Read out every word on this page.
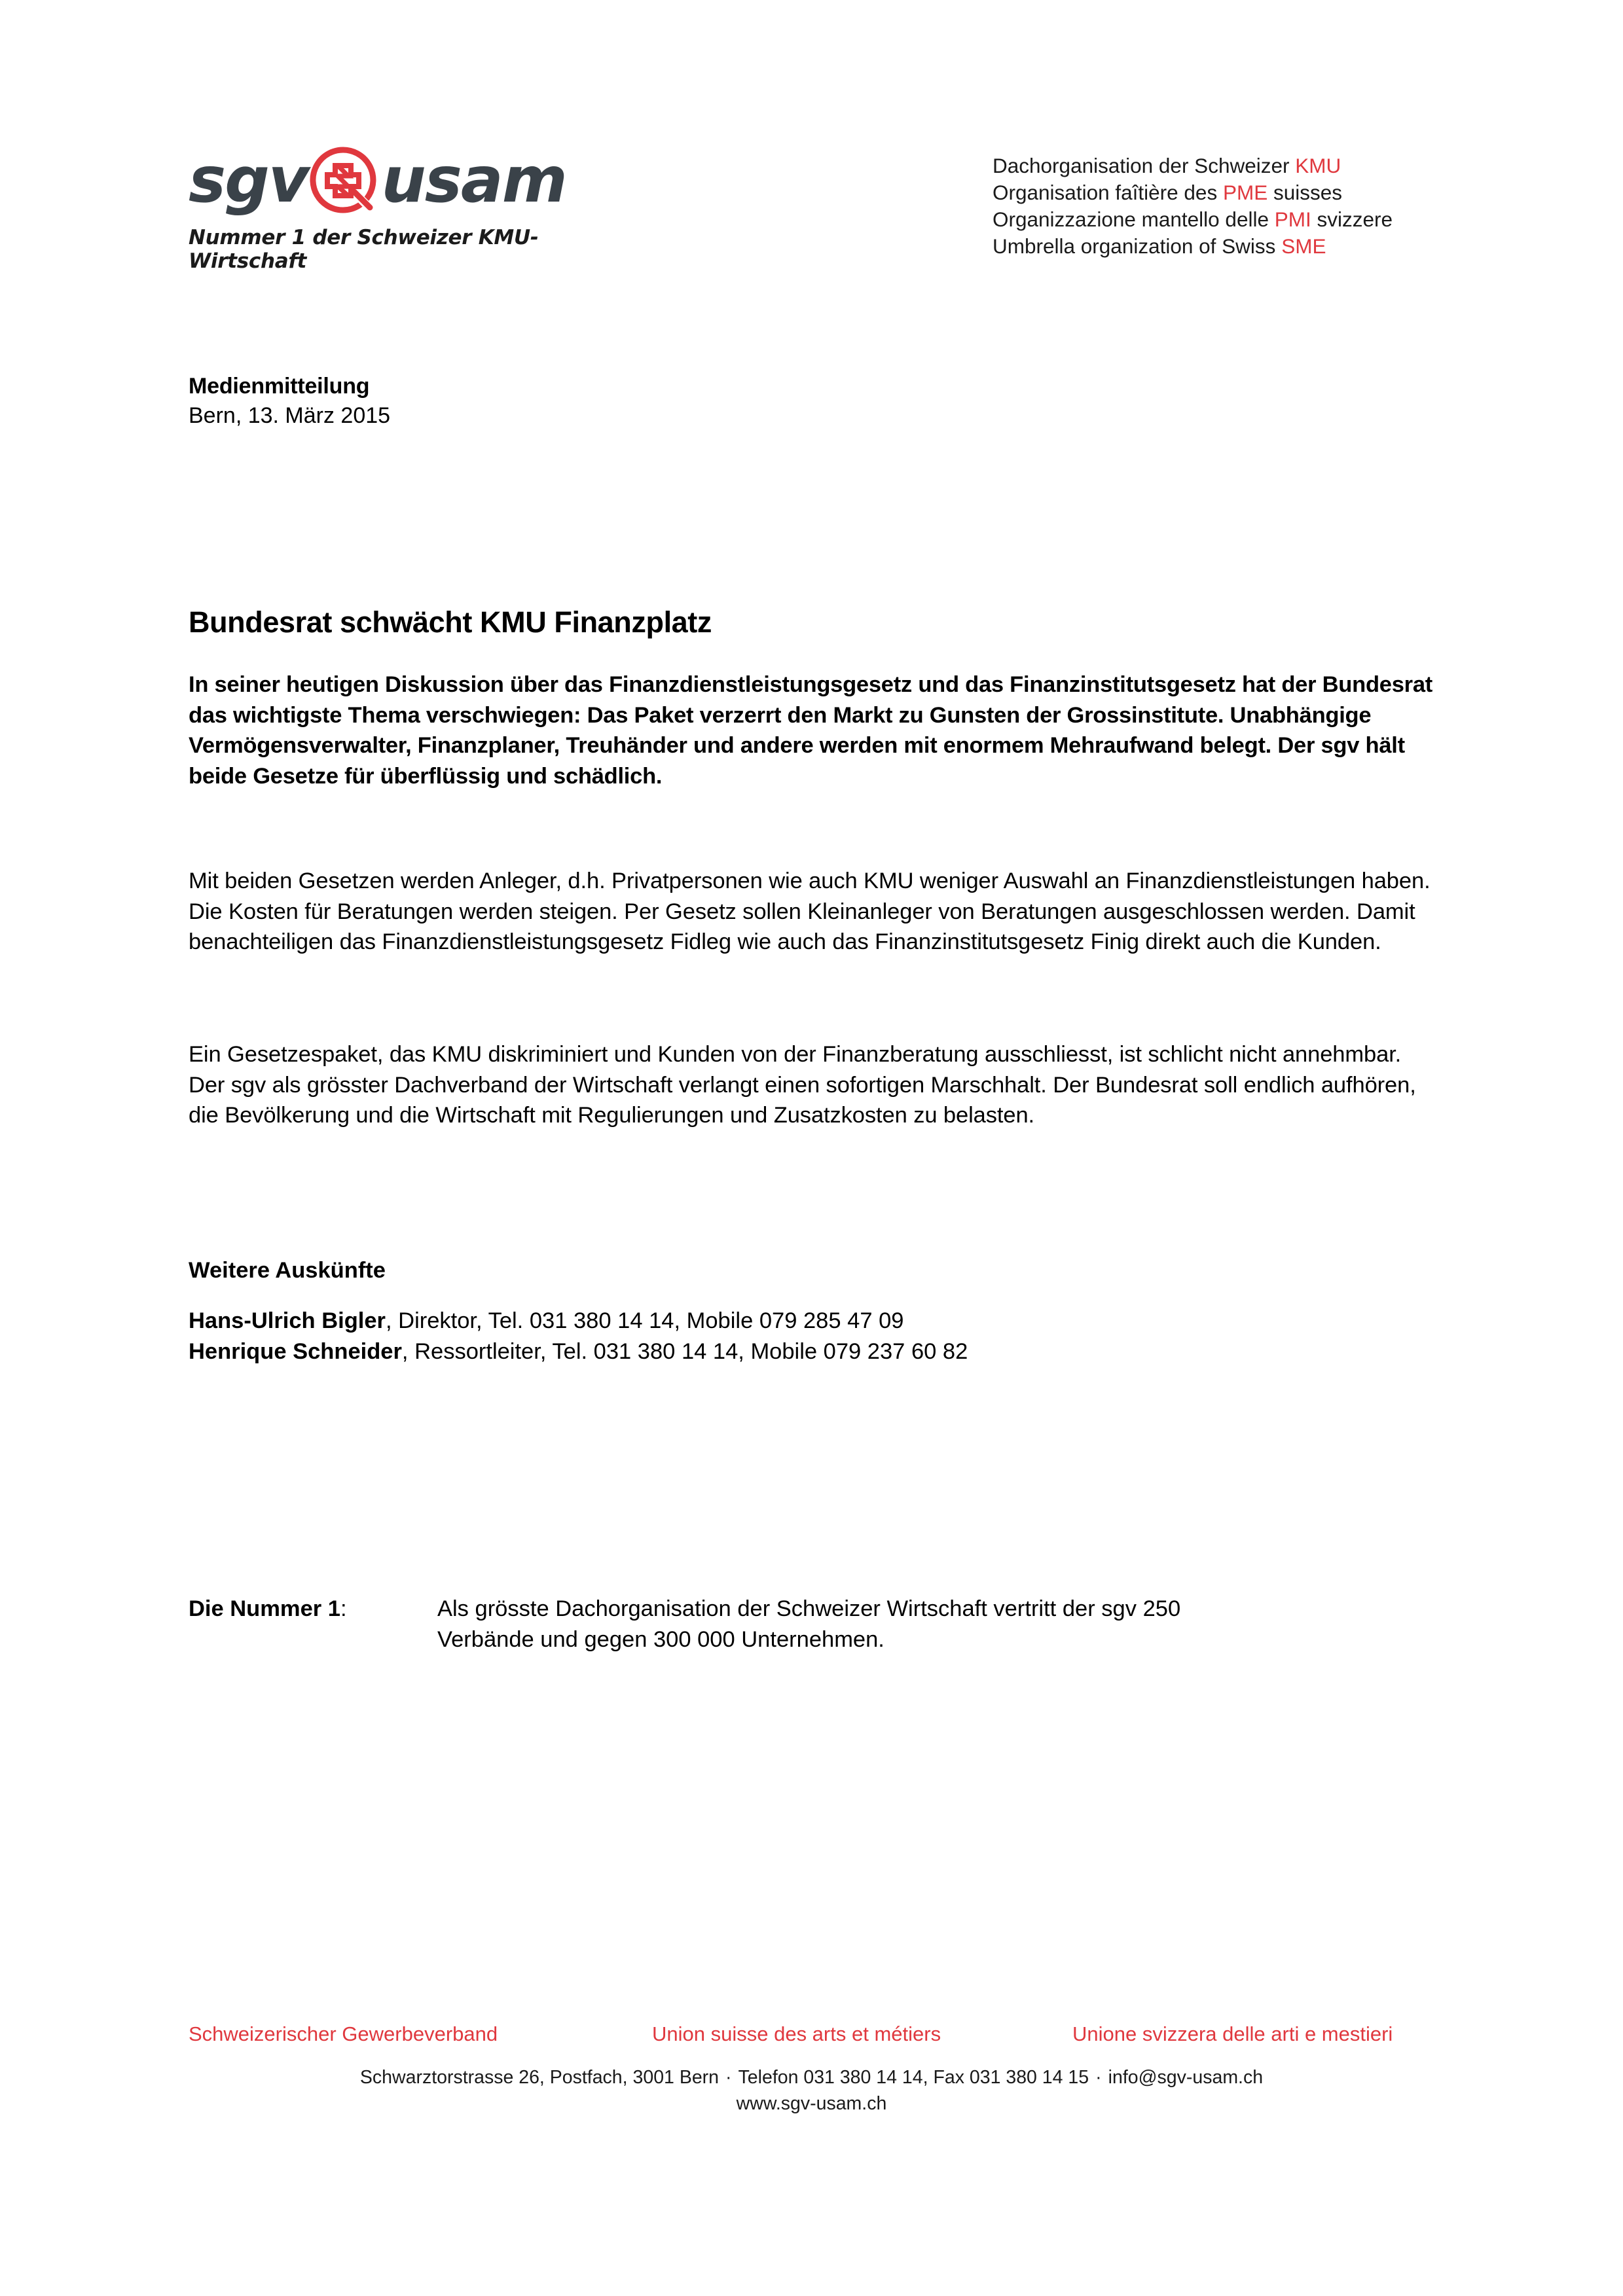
sgv usam
Nummer 1 der Schweizer KMU-Wirtschaft
Dachorganisation der Schweizer KMU
Organisation faîtière des PME suisses
Organizzazione mantello delle PMI svizzere
Umbrella organization of Swiss SME
Medienmitteilung
Bern, 13. März 2015
Bundesrat schwächt KMU Finanzplatz
In seiner heutigen Diskussion über das Finanzdienstleistungsgesetz und das Finanzinstitutsgesetz hat der Bundesrat das wichtigste Thema verschwiegen: Das Paket verzerrt den Markt zu Gunsten der Grossinstitute. Unabhängige Vermögensverwalter, Finanzplaner, Treuhänder und andere werden mit enormem Mehraufwand belegt. Der sgv hält beide Gesetze für überflüssig und schädlich.
Mit beiden Gesetzen werden Anleger, d.h. Privatpersonen wie auch KMU weniger Auswahl an Finanzdienstleistungen haben. Die Kosten für Beratungen werden steigen. Per Gesetz sollen Kleinanleger von Beratungen ausgeschlossen werden. Damit benachteiligen das Finanzdienstleistungsgesetz Fidleg wie auch das Finanzinstitutsgesetz Finig direkt auch die Kunden.
Ein Gesetzespaket, das KMU diskriminiert und Kunden von der Finanzberatung ausschliesst, ist schlicht nicht annehmbar. Der sgv als grösster Dachverband der Wirtschaft verlangt einen sofortigen Marschhalt. Der Bundesrat soll endlich aufhören, die Bevölkerung und die Wirtschaft mit Regulierungen und Zusatzkosten zu belasten.
Weitere Auskünfte
Hans-Ulrich Bigler, Direktor, Tel. 031 380 14 14, Mobile 079 285 47 09
Henrique Schneider, Ressortleiter, Tel. 031 380 14 14, Mobile 079 237 60 82
Die Nummer 1:	Als grösste Dachorganisation der Schweizer Wirtschaft vertritt der sgv 250 Verbände und gegen 300 000 Unternehmen.
Schweizerischer Gewerbeverband	Union suisse des arts et métiers	Unione svizzera delle arti e mestieri
Schwarztorstrasse 26, Postfach, 3001 Bern · Telefon 031 380 14 14, Fax 031 380 14 15 · info@sgv-usam.ch
www.sgv-usam.ch
